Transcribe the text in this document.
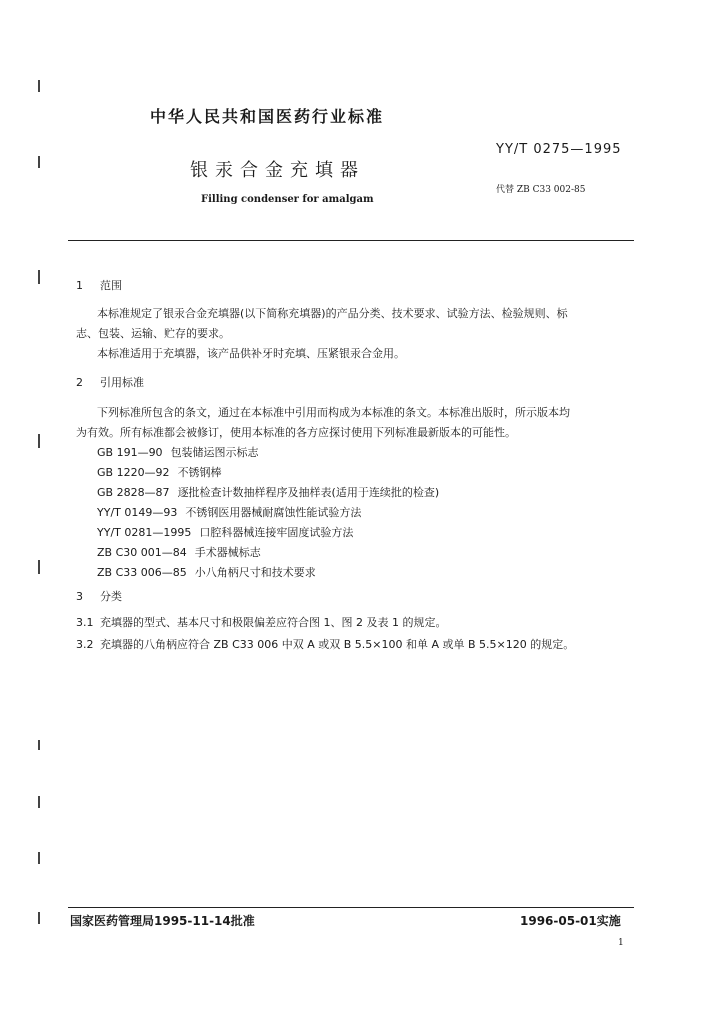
中华人民共和国医药行业标准
YY/T 0275—1995
银汞合金充填器
代替 ZB C33 002-85
Filling condenser for amalgam
1 范围
本标准规定了银汞合金充填器(以下简称充填器)的产品分类、技术要求、试验方法、检验规则、标
志、包装、运输、贮存的要求。
本标准适用于充填器，该产品供补牙时充填、压紧银汞合金用。
2 引用标准
下列标准所包含的条文，通过在本标准中引用而构成为本标准的条文。本标准出版时，所示版本均
为有效。所有标准都会被修订，使用本标准的各方应探讨使用下列标准最新版本的可能性。
GB 191—90 包装储运图示标志
GB 1220—92 不锈钢棒
GB 2828—87 逐批检查计数抽样程序及抽样表(适用于连续批的检查)
YY/T 0149—93 不锈钢医用器械耐腐蚀性能试验方法
YY/T 0281—1995 口腔科器械连接牢固度试验方法
ZB C30 001—84 手术器械标志
ZB C33 006—85 小八角柄尺寸和技术要求
3 分类
3.1 充填器的型式、基本尺寸和极限偏差应符合图 1、图 2 及表 1 的规定。
3.2 充填器的八角柄应符合 ZB C33 006 中双 A 或双 B 5.5×100 和单 A 或单 B 5.5×120 的规定。
国家医药管理局1995-11-14批准	1996-05-01实施
1
